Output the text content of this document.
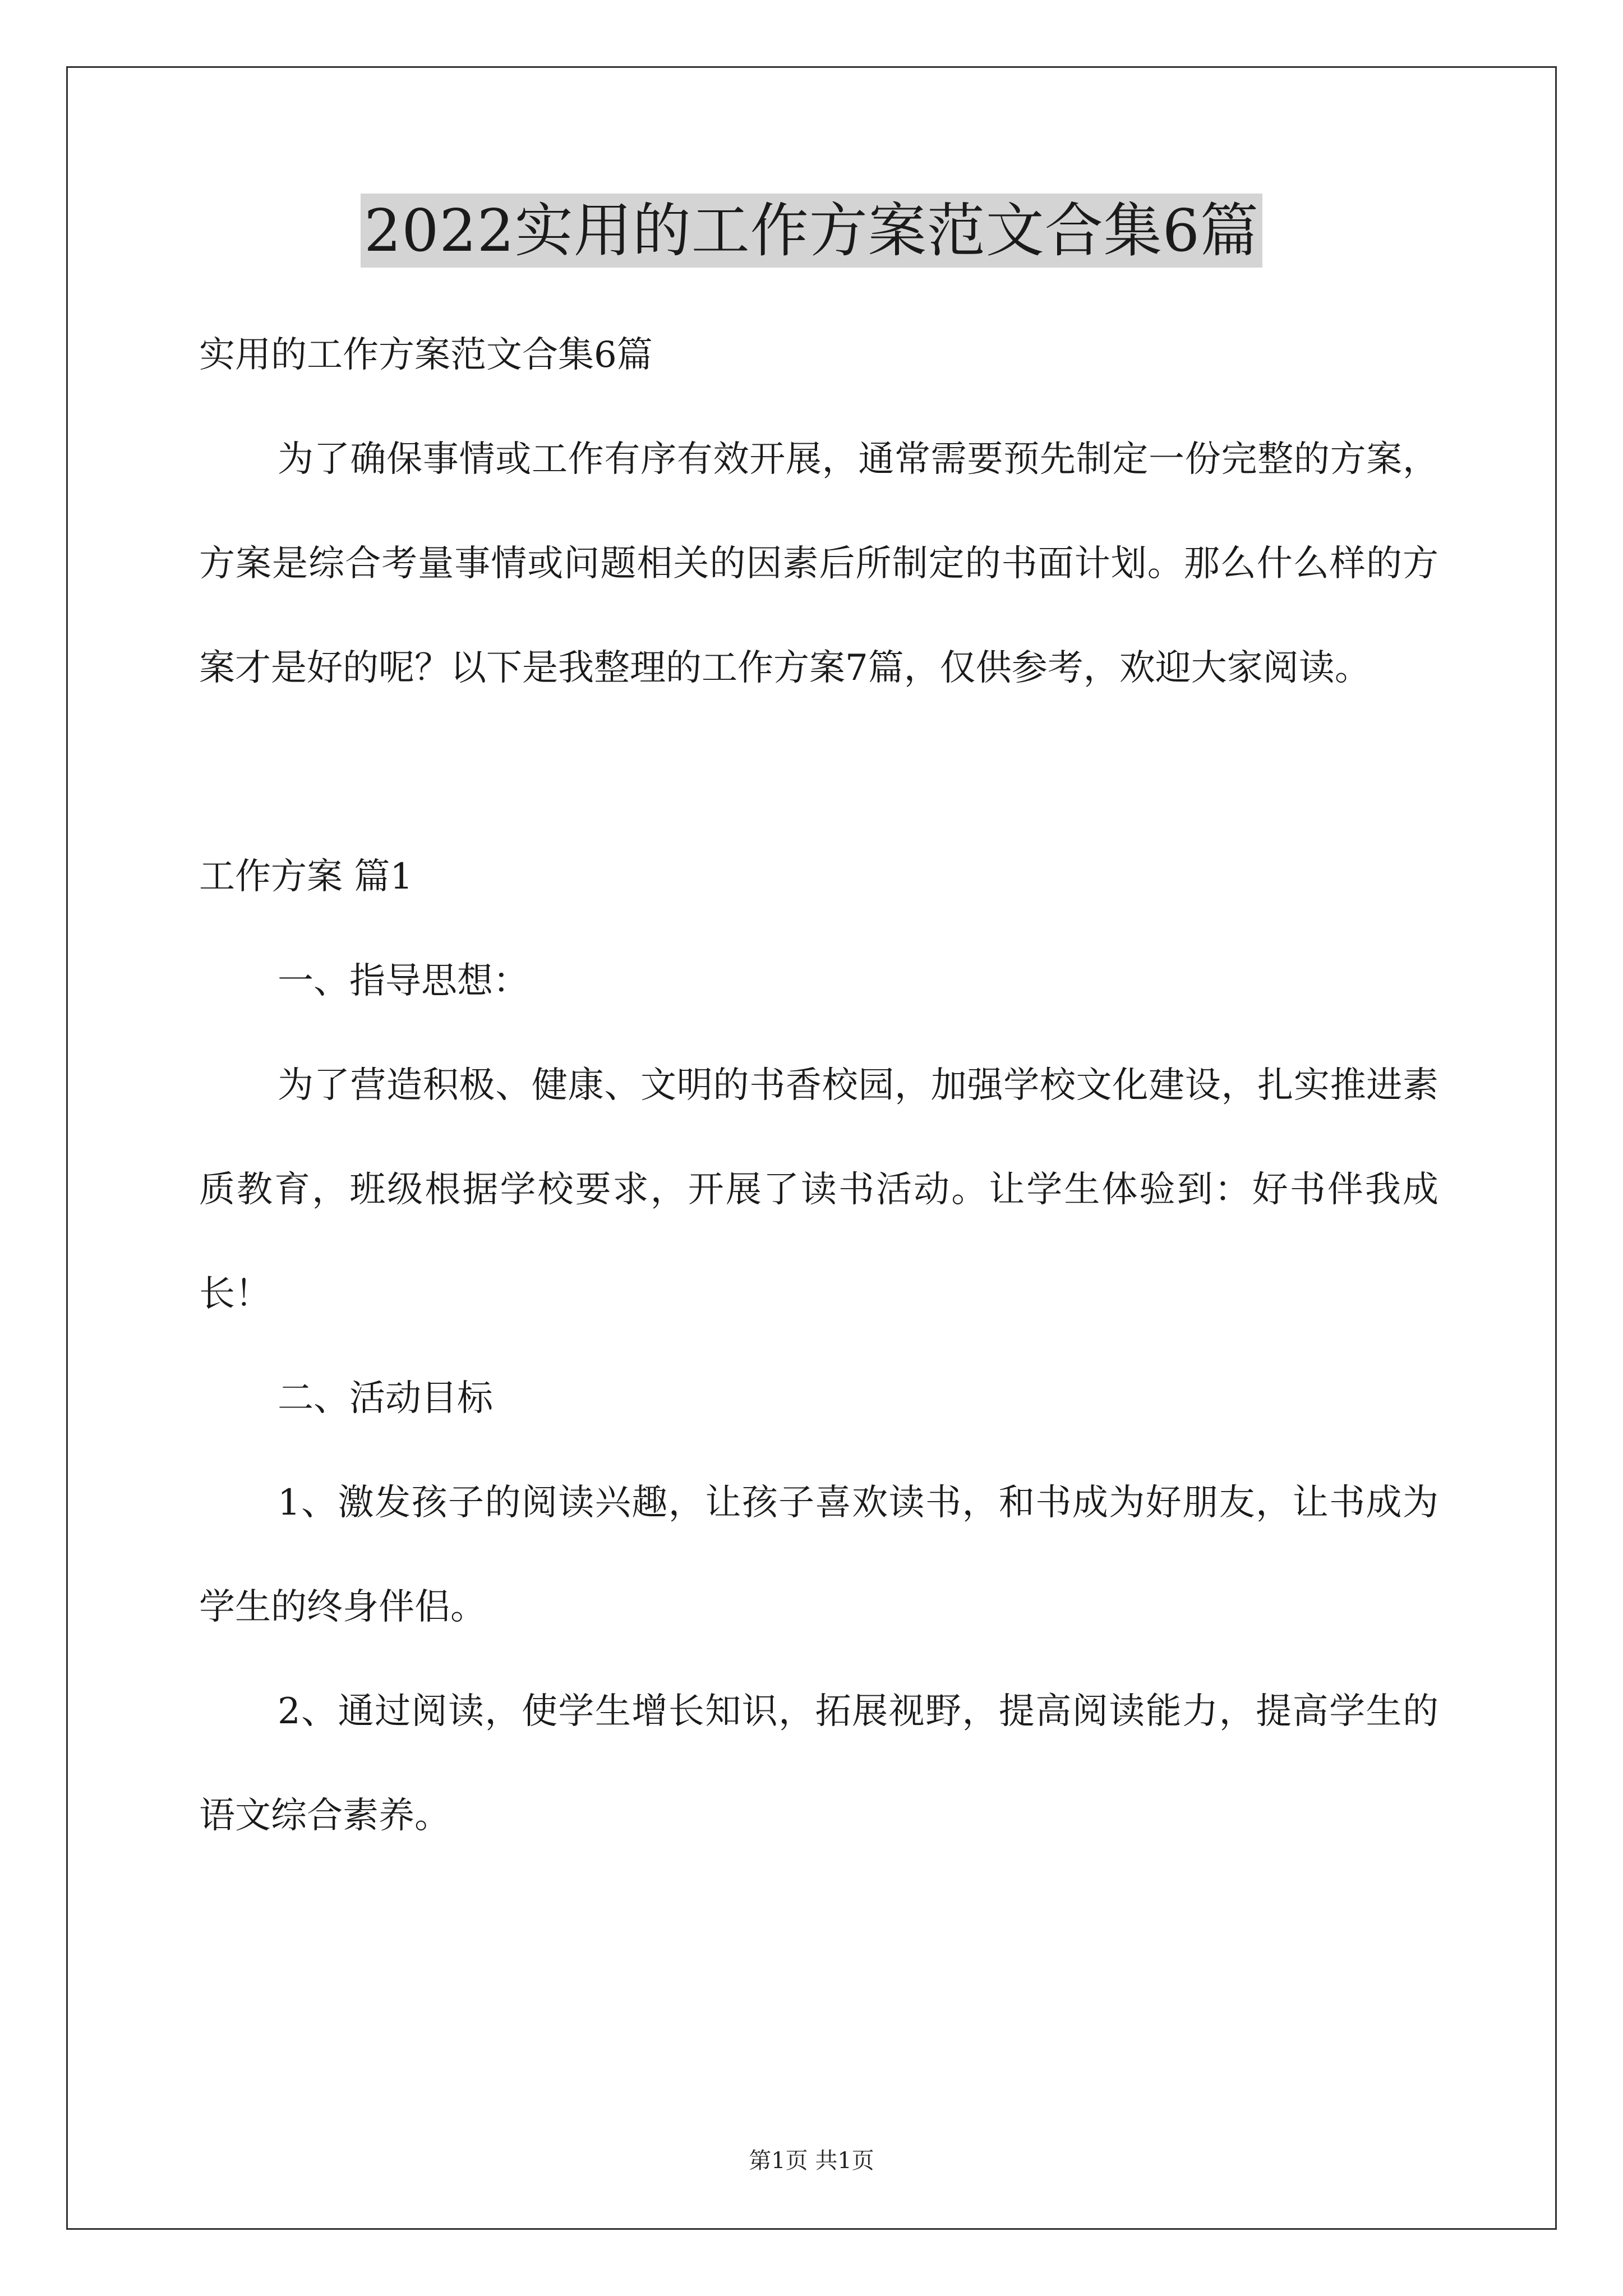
2022实用的工作方案范文合集6篇

实用的工作方案范文合集6篇

为了确保事情或工作有序有效开展，通常需要预先制定一份完整的方案，方案是综合考量事情或问题相关的因素后所制定的书面计划。那么什么样的方案才是好的呢？以下是我整理的工作方案7篇，仅供参考，欢迎大家阅读。

工作方案 篇1

一、指导思想：

为了营造积极、健康、文明的书香校园，加强学校文化建设，扎实推进素质教育，班级根据学校要求，开展了读书活动。让学生体验到：好书伴我成长！

二、活动目标

1、激发孩子的阅读兴趣，让孩子喜欢读书，和书成为好朋友，让书成为学生的终身伴侣。

2、通过阅读，使学生增长知识，拓展视野，提高阅读能力，提高学生的语文综合素养。

第1页 共1页
